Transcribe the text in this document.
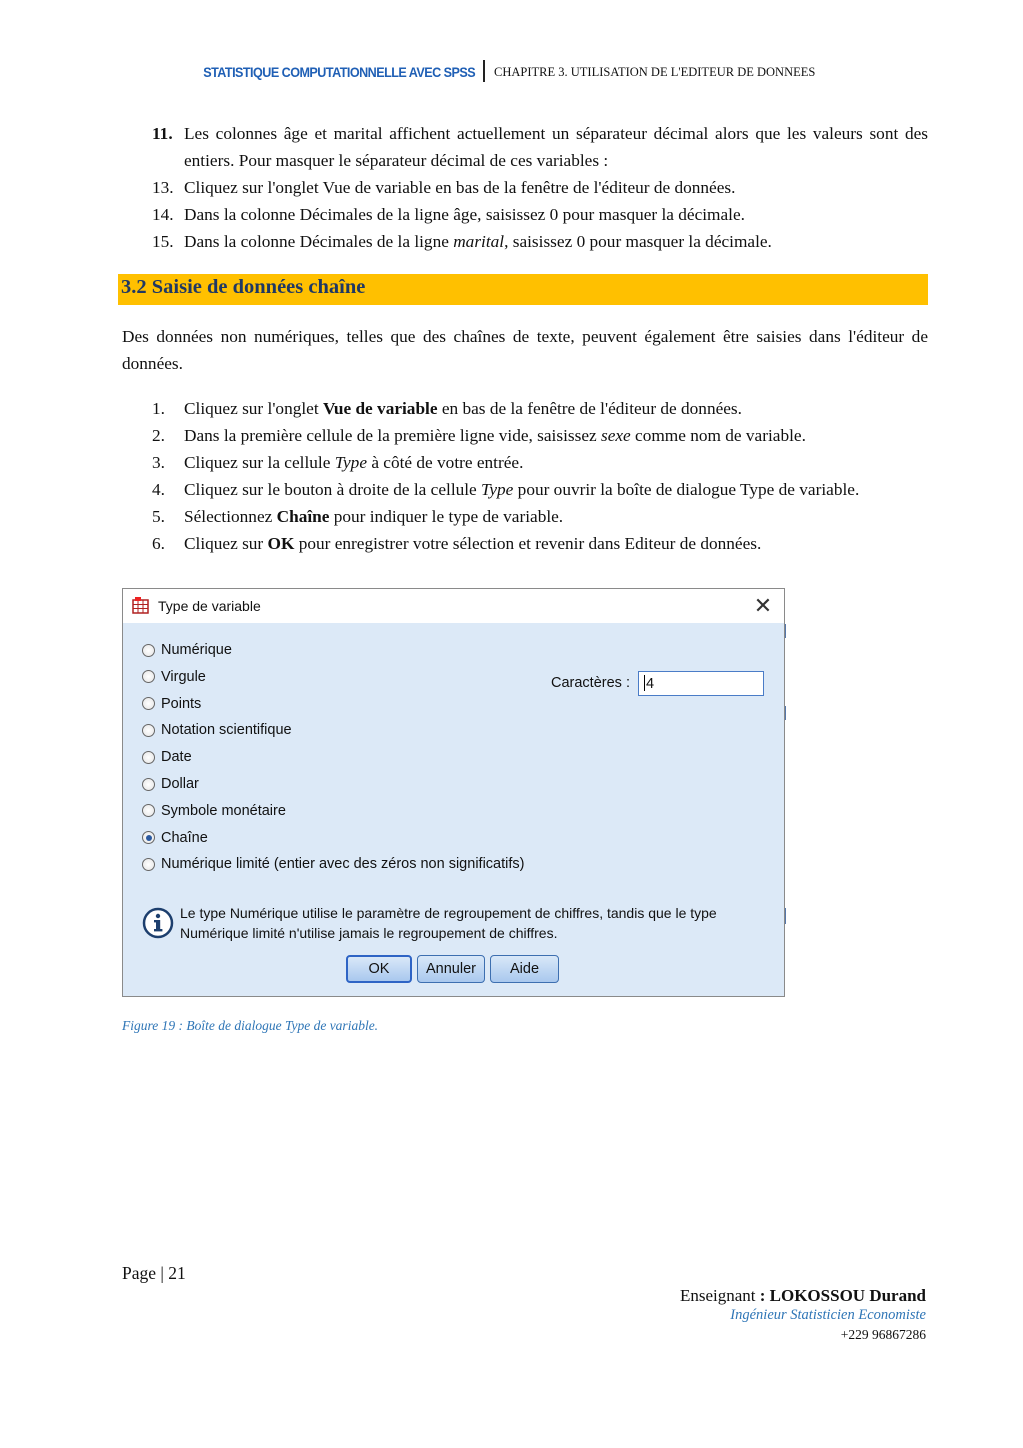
STATISTIQUE COMPUTATIONNELLE AVEC SPSS CHAPITRE 3. UTILISATION DE L'EDITEUR DE DONNEES
11. Les colonnes âge et marital affichent actuellement un séparateur décimal alors que les valeurs sont des entiers. Pour masquer le séparateur décimal de ces variables :
13. Cliquez sur l'onglet Vue de variable en bas de la fenêtre de l'éditeur de données.
14. Dans la colonne Décimales de la ligne âge, saisissez 0 pour masquer la décimale.
15. Dans la colonne Décimales de la ligne marital, saisissez 0 pour masquer la décimale.
3.2 Saisie de données chaîne

Des données non numériques, telles que des chaînes de texte, peuvent également être saisies dans l'éditeur de données.

1. Cliquez sur l'onglet Vue de variable en bas de la fenêtre de l'éditeur de données.
2. Dans la première cellule de la première ligne vide, saisissez sexe comme nom de variable.
3. Cliquez sur la cellule Type à côté de votre entrée.
4. Cliquez sur le bouton à droite de la cellule Type pour ouvrir la boîte de dialogue Type de variable.
5. Sélectionnez Chaîne pour indiquer le type de variable.
6. Cliquez sur OK pour enregistrer votre sélection et revenir dans Editeur de données.
Type de variable	✕
Numérique
Virgule
Points
Notation scientifique
Date
Dollar
Symbole monétaire
Chaîne
Numérique limité (entier avec des zéros non significatifs)
Caractères :	4
Le type Numérique utilise le paramètre de regroupement de chiffres, tandis que le type Numérique limité n'utilise jamais le regroupement de chiffres.
OK	Annuler	Aide
Figure 19 : Boîte de dialogue Type de variable.
Page | 21
Enseignant : LOKOSSOU Durand
Ingénieur Statisticien Economiste
+229 96867286
